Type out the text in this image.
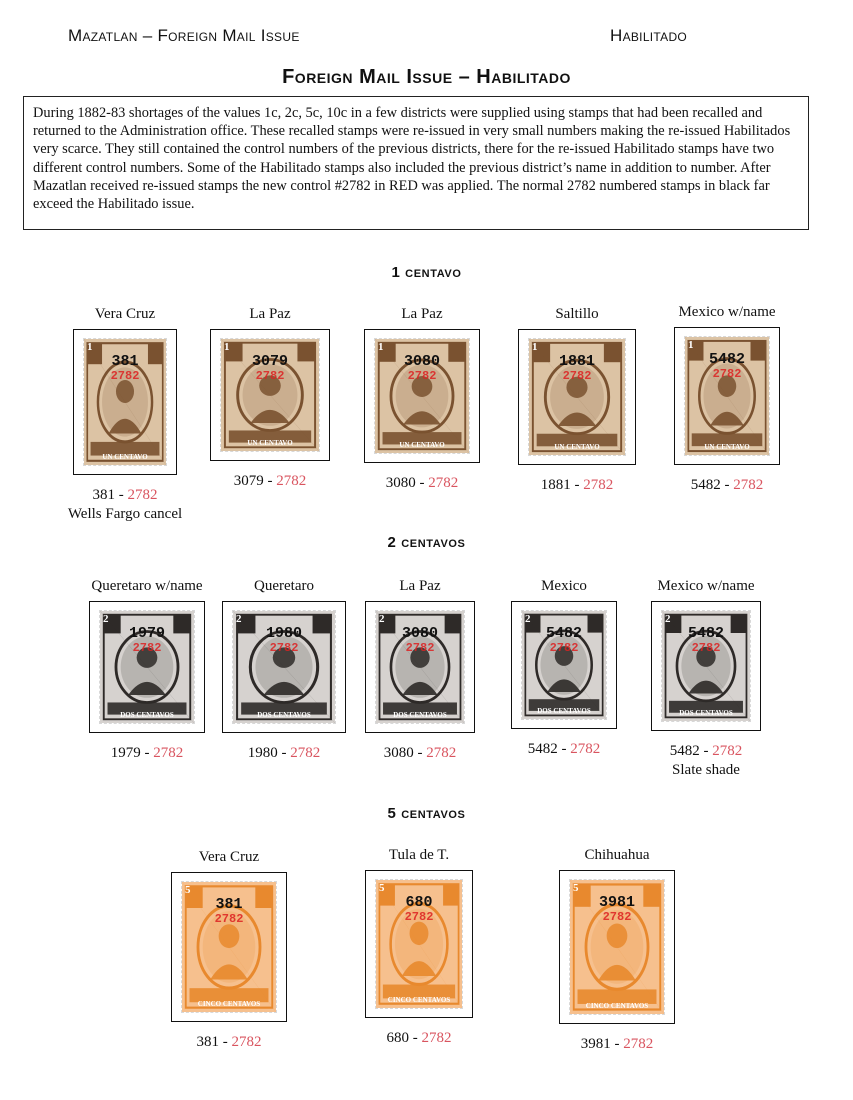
Mazatlan – Foreign Mail Issue	Habilitado
Foreign Mail Issue – Habilitado
During 1882-83 shortages of the values 1c, 2c, 5c, 10c in a few districts were supplied using stamps that had been recalled and returned to the Administration office. These recalled stamps were re-issued in very small numbers making the re-issued Habilitados very scarce. They still contained the control numbers of the previous districts, there for the re-issued Habilitado stamps have two different control numbers. Some of the Habilitado stamps also included the previous district’s name in addition to number. After Mazatlan received re-issued stamps the new control #2782 in RED was applied. The normal 2782 numbered stamps in black far exceed the Habilitado issue.
1 centavo
2 centavos
5 centavos
Vera Cruz
1
UN CENTAVO
381
2782
381 - 2782
Wells Fargo cancel
La Paz
1
UN CENTAVO
3079
2782
3079 - 2782
La Paz
1
UN CENTAVO
3080
2782
3080 - 2782
Saltillo
1
UN CENTAVO
1881
2782
1881 - 2782
Mexico w/name
1
UN CENTAVO
5482
2782
5482 - 2782
Queretaro w/name
2
DOS CENTAVOS
1979
2782
1979 - 2782
Queretaro
2
DOS CENTAVOS
1980
2782
1980 - 2782
La Paz
2
DOS CENTAVOS
3080
2782
3080 - 2782
Mexico
2
DOS CENTAVOS
5482
2782
5482 - 2782
Mexico w/name
2
DOS CENTAVOS
5482
2782
5482 - 2782
Slate shade
Vera Cruz
5
CINCO CENTAVOS
381
2782
381 - 2782
Tula de T.
5
CINCO CENTAVOS
680
2782
680 - 2782
Chihuahua
5
CINCO CENTAVOS
3981
2782
3981 - 2782
